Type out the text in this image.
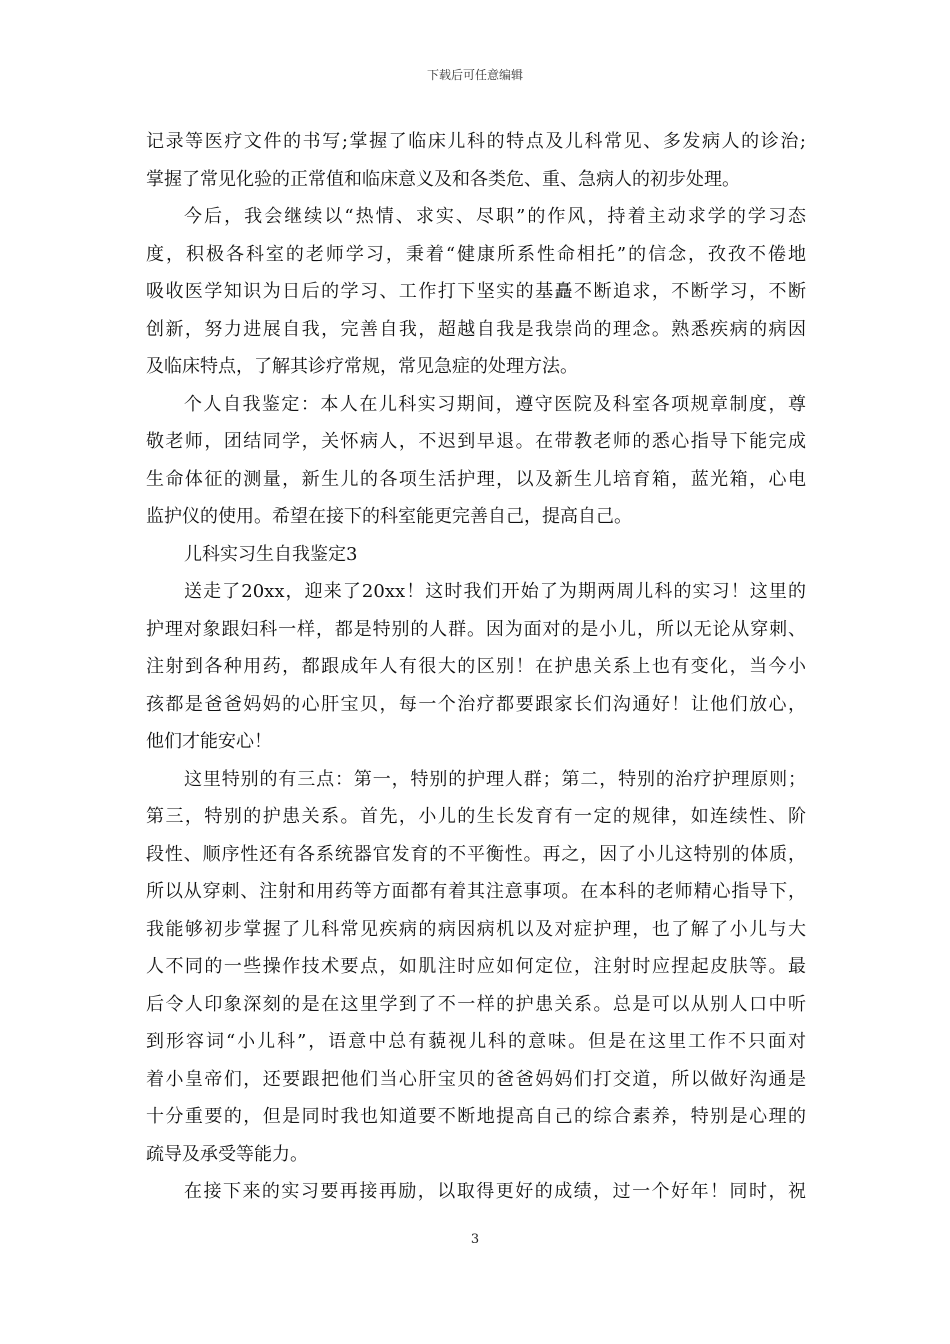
下载后可任意编辑
记录等医疗文件的书写;掌握了临床儿科的特点及儿科常见、多发病人的诊治;
掌握了常见化验的正常值和临床意义及和各类危、重、急病人的初步处理。
今后，我会继续以“热情、求实、尽职”的作风，持着主动求学的学习态
度，积极各科室的老师学习，秉着“健康所系性命相托”的信念，孜孜不倦地
吸收医学知识为日后的学习、工作打下坚实的基矗不断追求，不断学习，不断
创新，努力进展自我，完善自我，超越自我是我崇尚的理念。熟悉疾病的病因
及临床特点，了解其诊疗常规，常见急症的处理方法。
个人自我鉴定：本人在儿科实习期间，遵守医院及科室各项规章制度，尊
敬老师，团结同学，关怀病人，不迟到早退。在带教老师的悉心指导下能完成
生命体征的测量，新生儿的各项生活护理，以及新生儿培育箱，蓝光箱，心电
监护仪的使用。希望在接下的科室能更完善自己，提高自己。
儿科实习生自我鉴定3
送走了20xx，迎来了20xx！这时我们开始了为期两周儿科的实习！这里的
护理对象跟妇科一样，都是特别的人群。因为面对的是小儿，所以无论从穿刺、
注射到各种用药，都跟成年人有很大的区别！在护患关系上也有变化，当今小
孩都是爸爸妈妈的心肝宝贝，每一个治疗都要跟家长们沟通好！让他们放心，
他们才能安心！
这里特别的有三点：第一，特别的护理人群；第二，特别的治疗护理原则；
第三，特别的护患关系。首先，小儿的生长发育有一定的规律，如连续性、阶
段性、顺序性还有各系统器官发育的不平衡性。再之，因了小儿这特别的体质，
所以从穿刺、注射和用药等方面都有着其注意事项。在本科的老师精心指导下，
我能够初步掌握了儿科常见疾病的病因病机以及对症护理，也了解了小儿与大
人不同的一些操作技术要点，如肌注时应如何定位，注射时应捏起皮肤等。最
后令人印象深刻的是在这里学到了不一样的护患关系。总是可以从别人口中听
到形容词“小儿科”，语意中总有藐视儿科的意味。但是在这里工作不只面对
着小皇帝们，还要跟把他们当心肝宝贝的爸爸妈妈们打交道，所以做好沟通是
十分重要的，但是同时我也知道要不断地提高自己的综合素养，特别是心理的
疏导及承受等能力。
在接下来的实习要再接再励，以取得更好的成绩，过一个好年！同时，祝
3
